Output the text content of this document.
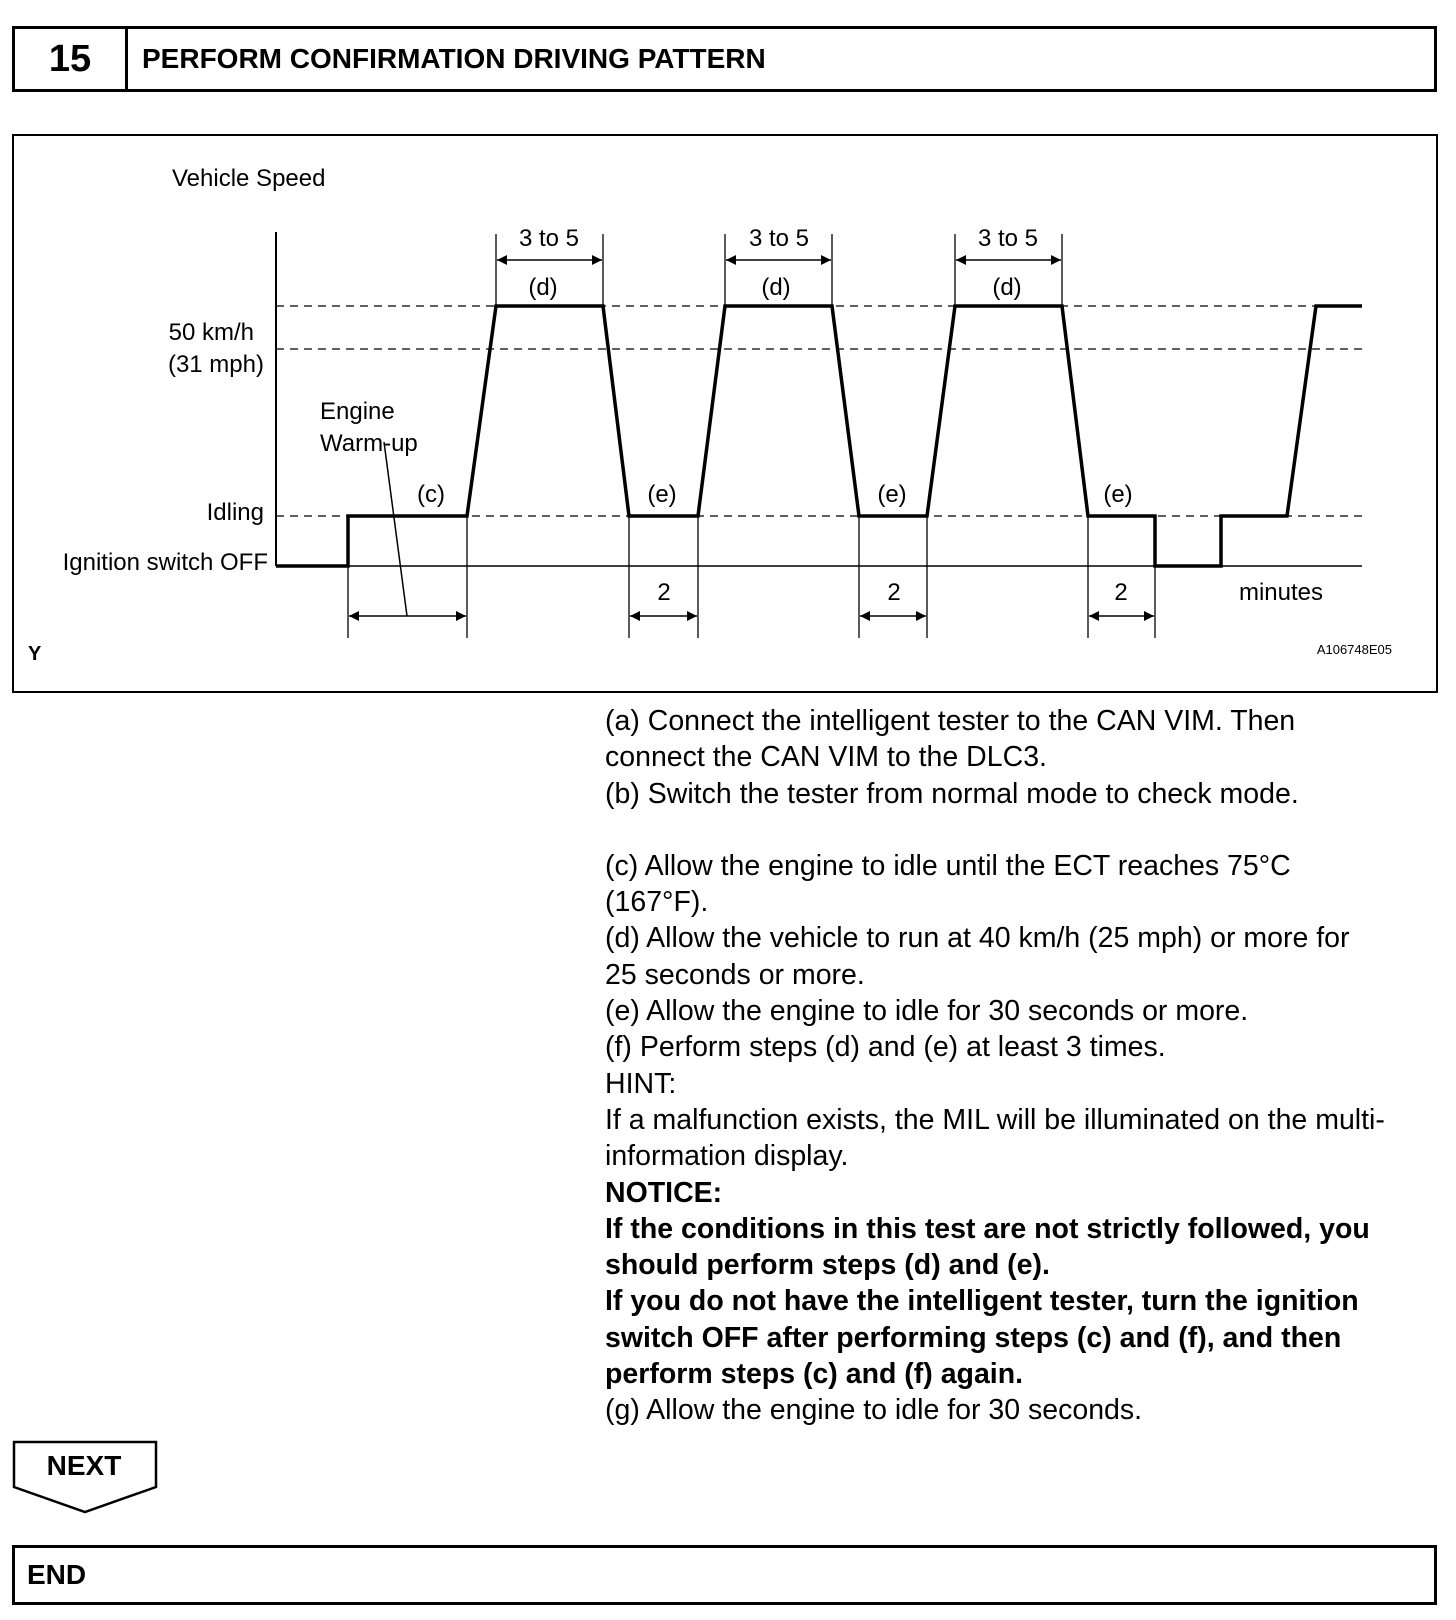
15	PERFORM CONFIRMATION DRIVING PATTERN
Vehicle Speed
50 km/h
(31 mph)
Engine
Warm-up
Idling
Ignition switch OFF
(c)
3 to 5	3 to 5	3 to 5
(d)	(d)	(d)
(e)	(e)	(e)
2	2	2	minutes
Y	A106748E05

(a) Connect the intelligent tester to the CAN VIM. Then

connect the CAN VIM to the DLC3.

(b) Switch the tester from normal mode to check mode.

(c) Allow the engine to idle until the ECT reaches 75°C

(167°F).

(d) Allow the vehicle to run at 40 km/h (25 mph) or more for

25 seconds or more.

(e) Allow the engine to idle for 30 seconds or more.

(f) Perform steps (d) and (e) at least 3 times.

HINT:

If a malfunction exists, the MIL will be illuminated on the multi-

information display.

NOTICE:

If the conditions in this test are not strictly followed, you

should perform steps (d) and (e).

If you do not have the intelligent tester, turn the ignition

switch OFF after performing steps (c) and (f), and then

perform steps (c) and (f) again.

(g) Allow the engine to idle for 30 seconds.

NEXT
END
